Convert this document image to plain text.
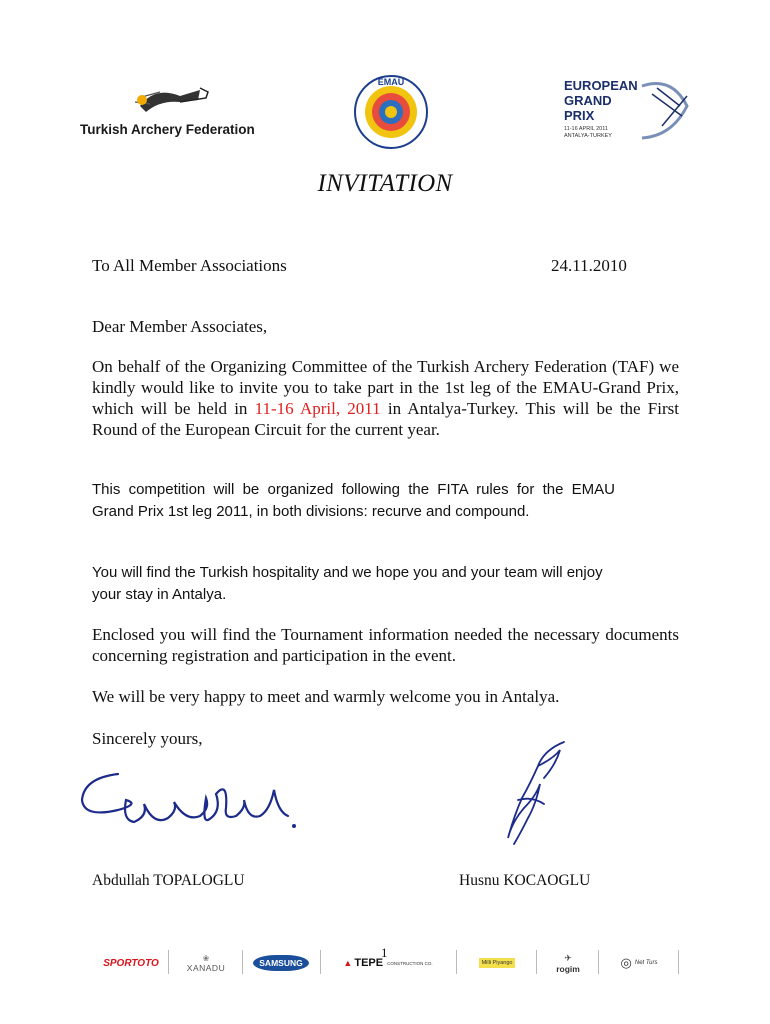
Turkish Archery Federation
EMAU	EUROPEAN
GRAND
PRIX
11-16 APRIL 2011
ANTALYA-TURKEY
INVITATION
To All Member Associations	24.11.2010
Dear Member Associates,
On behalf of the Organizing Committee of the Turkish Archery Federation (TAF) we kindly would like to invite you to take part in the 1st leg of the EMAU-Grand Prix, which will be held in 11-16 April, 2011 in Antalya-Turkey. This will be the First Round of the European Circuit for the current year.
This competition will be organized following the FITA rules for the EMAU Grand Prix 1st leg 2011, in both divisions: recurve and compound.
You will find the Turkish hospitality and we hope you and your team will enjoy your stay in Antalya.
Enclosed you will find the Tournament information needed the necessary documents concerning registration and participation in the event.
We will be very happy to meet and warmly welcome you in Antalya.
Sincerely yours,
Abdullah TOPALOGLU	Husnu KOCAOGLU
1
SPORTOTO	❀
XANADU	SAMSUNG	▲ TEPE CONSTRUCTION CO.	Milli Piyango
✈
rogim	◎ Net Turs
